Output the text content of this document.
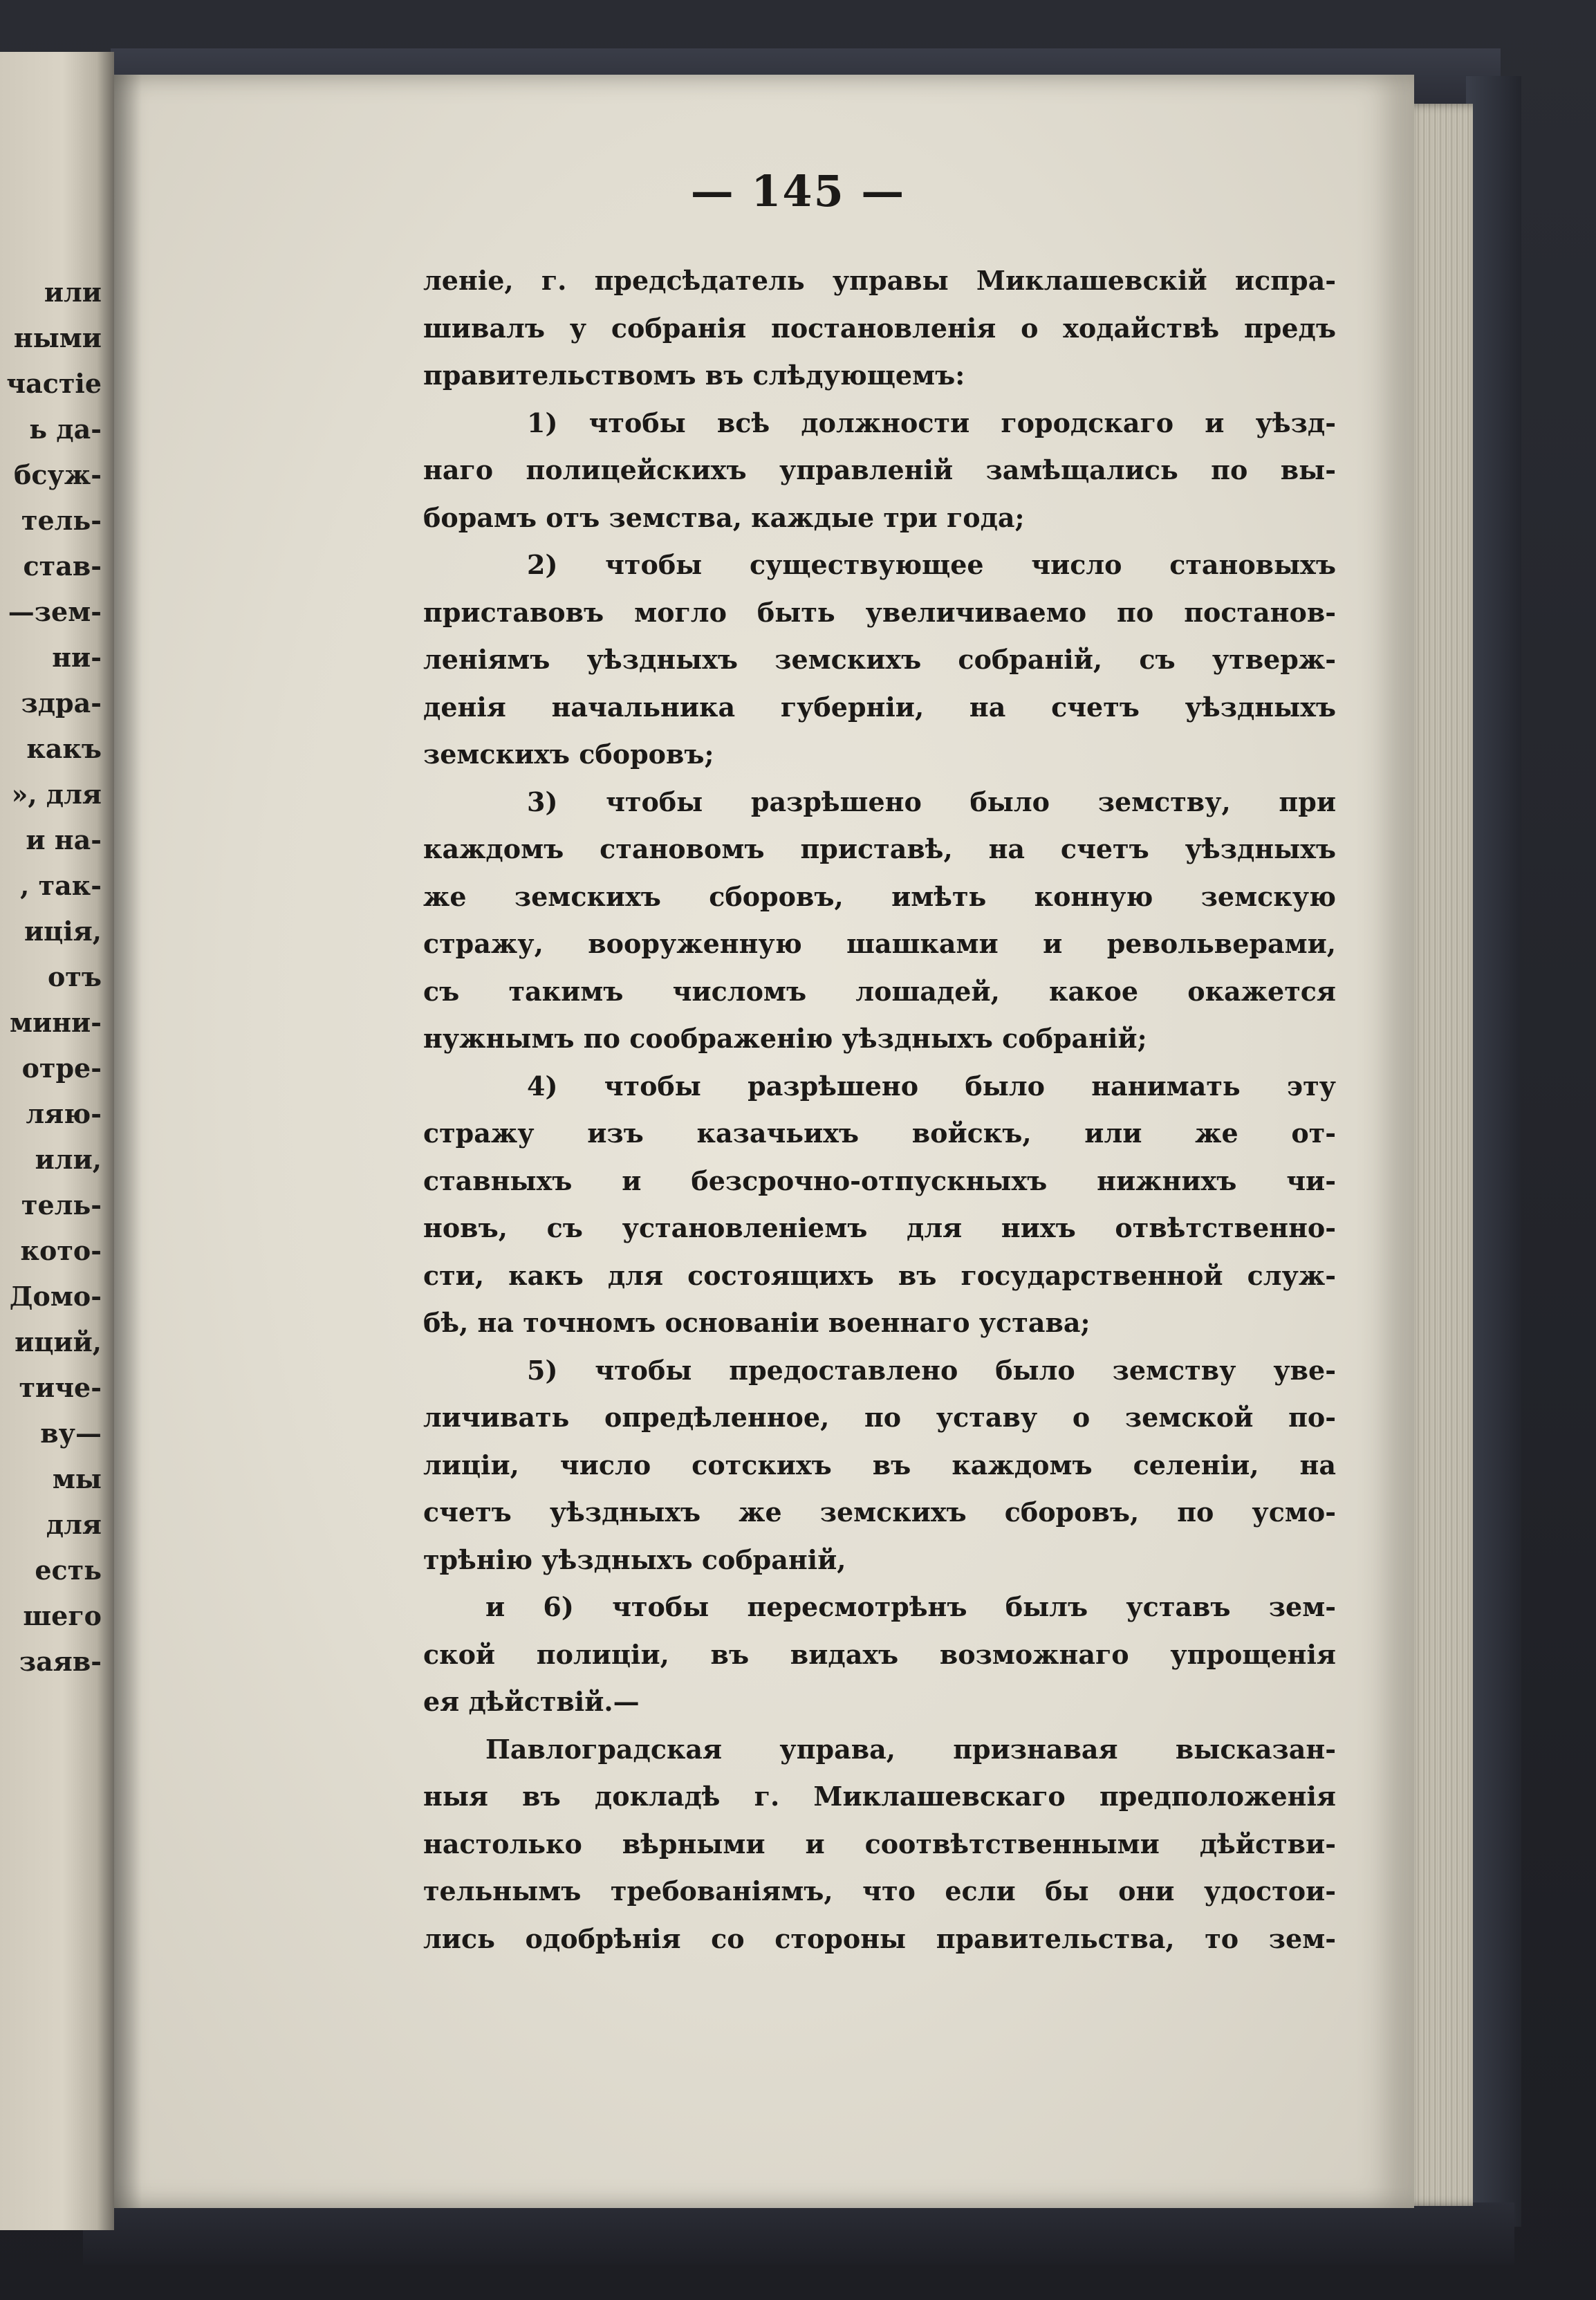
или
ными
частіе
ь да-
бсуж-
тель-
став-
—зем-
ни-
здра-
какъ
», для
и на-
, так-
иція,
отъ
мини-
отре-
ляю-
или,
тель-
кото-
Домо-
иций,
тиче-
ву—
мы
для
есть
шего
заяв-
— 145 —
леніе, г. предсѣдатель управы Миклашевскій испра-
шивалъ у собранія постановленія о ходайствѣ предъ
правительствомъ въ слѣдующемъ:
1) чтобы всѣ должности городскаго и уѣзд-
наго полицейскихъ управленій замѣщались по вы-
борамъ отъ земства, каждые три года;
2) чтобы существующее число становыхъ
приставовъ могло быть увеличиваемо по постанов-
леніямъ уѣздныхъ земскихъ собраній, съ утверж-
денія начальника губерніи, на счетъ уѣздныхъ
земскихъ сборовъ;
3) чтобы разрѣшено было земству, при
каждомъ становомъ приставѣ, на счетъ уѣздныхъ
же земскихъ сборовъ, имѣть конную земскую
стражу, вооруженную шашками и револьверами,
съ такимъ числомъ лошадей, какое окажется
нужнымъ по соображенію уѣздныхъ собраній;
4) чтобы разрѣшено было нанимать эту
стражу изъ казачьихъ войскъ, или же от-
ставныхъ и безсрочно-отпускныхъ нижнихъ чи-
новъ, съ установленіемъ для нихъ отвѣтственно-
сти, какъ для состоящихъ въ государственной служ-
бѣ, на точномъ основаніи военнаго устава;
5) чтобы предоставлено было земству уве-
личивать опредѣленное, по уставу о земской по-
лиціи, число сотскихъ въ каждомъ селеніи, на
счетъ уѣздныхъ же земскихъ сборовъ, по усмо-
трѣнію уѣздныхъ собраній,
и 6) чтобы пересмотрѣнъ былъ уставъ зем-
ской полиціи, въ видахъ возможнаго упрощенія
ея дѣйствій.—
Павлоградская управа, признавая высказан-
ныя въ докладѣ г. Миклашевскаго предположенія
настолько вѣрными и соотвѣтственными дѣйстви-
тельнымъ требованіямъ, что если бы они удостои-
лись одобрѣнія со стороны правительства, то зем-
